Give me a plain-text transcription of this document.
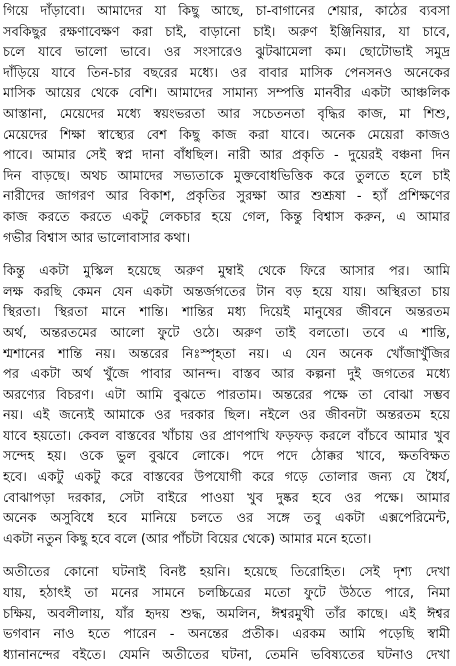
গিয়ে দাঁড়াবো। আমাদের যা কিছু আছে, চা-বাগানের শেয়ার, কাঠের ব্যবসা
সবকিছুর রক্ষণাবেক্ষণ করা চাই, বাড়ানো চাই। অরুণ ইঞ্জিনিয়ার, যা চাবে,
চলে যাবে ভালো ভাবে। ওর সংসারেও ঝুটঝামেলা কম। ছোটোভাই সমুদ্র
দাঁড়িয়ে যাবে তিন-চার বছরের মধ্যে। ওর বাবার মাসিক পেনসনও অনেকের
মাসিক আয়ের থেকে বেশি। আমাদের সামান্য সম্পত্তি মানবীর একটা আঞ্চলিক
আস্তানা, মেয়েদের মধ্যে স্বয়ংভরতা আর সচেতনতা বৃদ্ধির কাজ, মা শিশু,
মেয়েদের শিক্ষা স্বাস্থ্যের বেশ কিছু কাজ করা যাবে। অনেক মেয়েরা কাজও
পাবে। আমার সেই স্বপ্ন দানা বাঁধছিল। নারী আর প্রকৃতি - দুয়েরই বঞ্চনা দিন
দিন বাড়ছে। অথচ আমাদের সভ্যতাকে মুক্তবোধভিত্তিক করে তুলতে হলে চাই
নারীদের জাগরণ আর বিকাশ, প্রকৃতির সুরক্ষা আর শুশ্রূষা - হ্যাঁ প্রশিক্ষণের
কাজ করতে করতে একটু লেকচার হয়ে গেল, কিন্তু বিশ্বাস করুন, এ আমার
গভীর বিশ্বাস আর ভালোবাসার কথা।
কিন্তু একটা মুস্কিল হয়েছে অরুণ মুম্বাই থেকে ফিরে আসার পর। আমি
লক্ষ করছি কেমন যেন একটা অন্তর্জগতের টান বড় হয়ে যায়। অস্থিরতা চায়
স্থিরতা। স্থিরতা মানে শান্তি। শান্তির মধ্য দিয়েই মানুষের জীবনে অন্তরতম
অর্থ, অন্তরতমের আলো ফুটে ওঠে। অরুণ তাই বলতো। তবে এ শান্তি,
শ্মশানের শান্তি নয়। অন্তরের নিঃস্পৃহতা নয়। এ যেন অনেক খোঁজাখুঁজির
পর একটা অর্থ খুঁজে পাবার আনন্দ। বাস্তব আর কল্পনা দুই জগতের মধ্যে
অরণ্যের বিচরণ। এটা আমি বুঝতে পারতাম। অন্তরের পক্ষে তা বোঝা সম্ভব
নয়। এই জন্যেই আমাকে ওর দরকার ছিল। নইলে ওর জীবনটা অন্তরতম হয়ে
যাবে হয়তো। কেবল বাস্তবের খাঁচায় ওর প্রাণপাখি ফড়ফড় করলে বাঁচবে আমার খুব
সন্দেহ হয়। ওকে ভুল বুঝবে লোকে। পদে পদে ঠোক্কর খাবে, ক্ষতবিক্ষত
হবে। একটু একটু করে বাস্তবের উপযোগী করে গড়ে তোলার জন্য যে ধৈর্য,
বোঝাপড়া দরকার, সেটা বাইরে পাওয়া খুব দুষ্কর হবে ওর পক্ষে। আমার
অনেক অসুবিধে হবে মানিয়ে চলতে ওর সঙ্গে তবু একটা এক্সপেরিমেন্ট,
একটা নতুন কিছু হবে বলে (আর পাঁচটা বিয়ের থেকে) আমার মনে হতো।
অতীতের কোনো ঘটনাই বিনষ্ট হয়নি। হয়েছে তিরোহিত। সেই দৃশ্য দেখা
যায়, হঠাৎই তা মনের সামনে চলচ্চিত্রের মতো ফুটে উঠতে পারে, নিমা
চক্ষিয়, অবলীলায়, যাঁর হৃদয় শুদ্ধ, অমলিন, ঈশ্বরমুখী তাঁর কাছে। এই ঈশ্বর
ভগবান নাও হতে পারেন - অনন্তের প্রতীক। এরকম আমি পড়েছি স্বামী
ধ্যানানন্দের বইতে। যেমনি অতীতের ঘটনা, তেমনি ভবিষ্যতের ঘটনাও দেখা
